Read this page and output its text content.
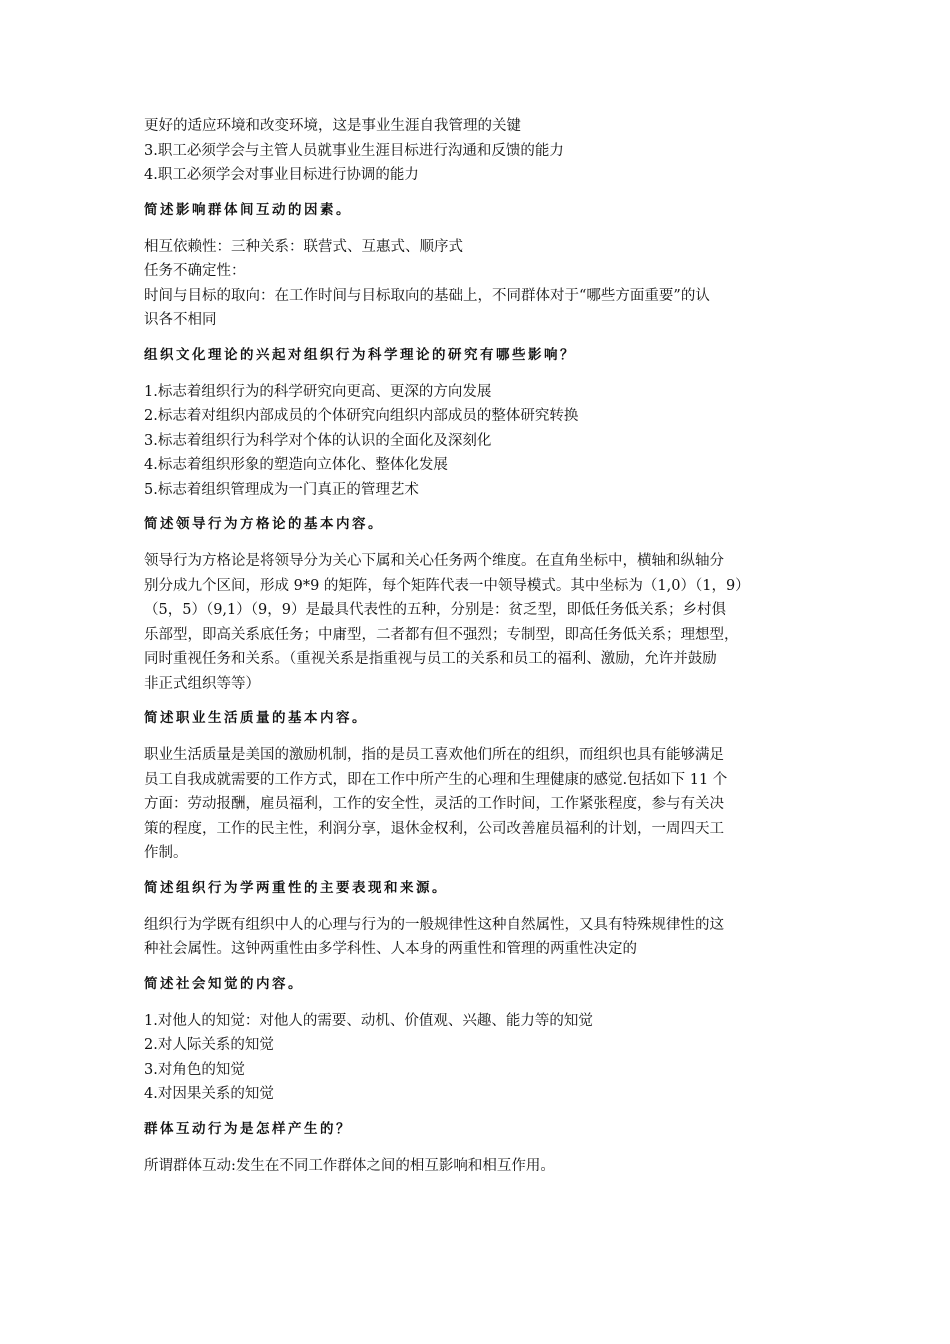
更好的适应环境和改变环境，这是事业生涯自我管理的关键

3.职工必须学会与主管人员就事业生涯目标进行沟通和反馈的能力

4.职工必须学会对事业目标进行协调的能力

简述影响群体间互动的因素。

相互依赖性：三种关系：联营式、互惠式、顺序式

任务不确定性：

时间与目标的取向：在工作时间与目标取向的基础上，不同群体对于“哪些方面重要”的认

识各不相同

组织文化理论的兴起对组织行为科学理论的研究有哪些影响？

1.标志着组织行为的科学研究向更高、更深的方向发展

2.标志着对组织内部成员的个体研究向组织内部成员的整体研究转换

3.标志着组织行为科学对个体的认识的全面化及深刻化

4.标志着组织形象的塑造向立体化、整体化发展

5.标志着组织管理成为一门真正的管理艺术

简述领导行为方格论的基本内容。

领导行为方格论是将领导分为关心下属和关心任务两个维度。在直角坐标中，横轴和纵轴分

别分成九个区间，形成 9*9 的矩阵，每个矩阵代表一中领导模式。其中坐标为（1,0）（1，9）

（5，5）（9,1）（9，9）是最具代表性的五种，分别是：贫乏型，即低任务低关系；乡村俱

乐部型，即高关系底任务；中庸型，二者都有但不强烈；专制型，即高任务低关系；理想型，

同时重视任务和关系。（重视关系是指重视与员工的关系和员工的福利、激励，允许并鼓励

非正式组织等等）

简述职业生活质量的基本内容。

职业生活质量是美国的激励机制，指的是员工喜欢他们所在的组织，而组织也具有能够满足

员工自我成就需要的工作方式，即在工作中所产生的心理和生理健康的感觉.包括如下 11 个

方面：劳动报酬，雇员福利，工作的安全性，灵活的工作时间，工作紧张程度，参与有关决

策的程度，工作的民主性，利润分享，退休金权利，公司改善雇员福利的计划，一周四天工

作制。

简述组织行为学两重性的主要表现和来源。

组织行为学既有组织中人的心理与行为的一般规律性这种自然属性，又具有特殊规律性的这

种社会属性。这钟两重性由多学科性、人本身的两重性和管理的两重性决定的

简述社会知觉的内容。

1.对他人的知觉：对他人的需要、动机、价值观、兴趣、能力等的知觉

2.对人际关系的知觉

3.对角色的知觉

4.对因果关系的知觉

群体互动行为是怎样产生的？

所谓群体互动:发生在不同工作群体之间的相互影响和相互作用。
